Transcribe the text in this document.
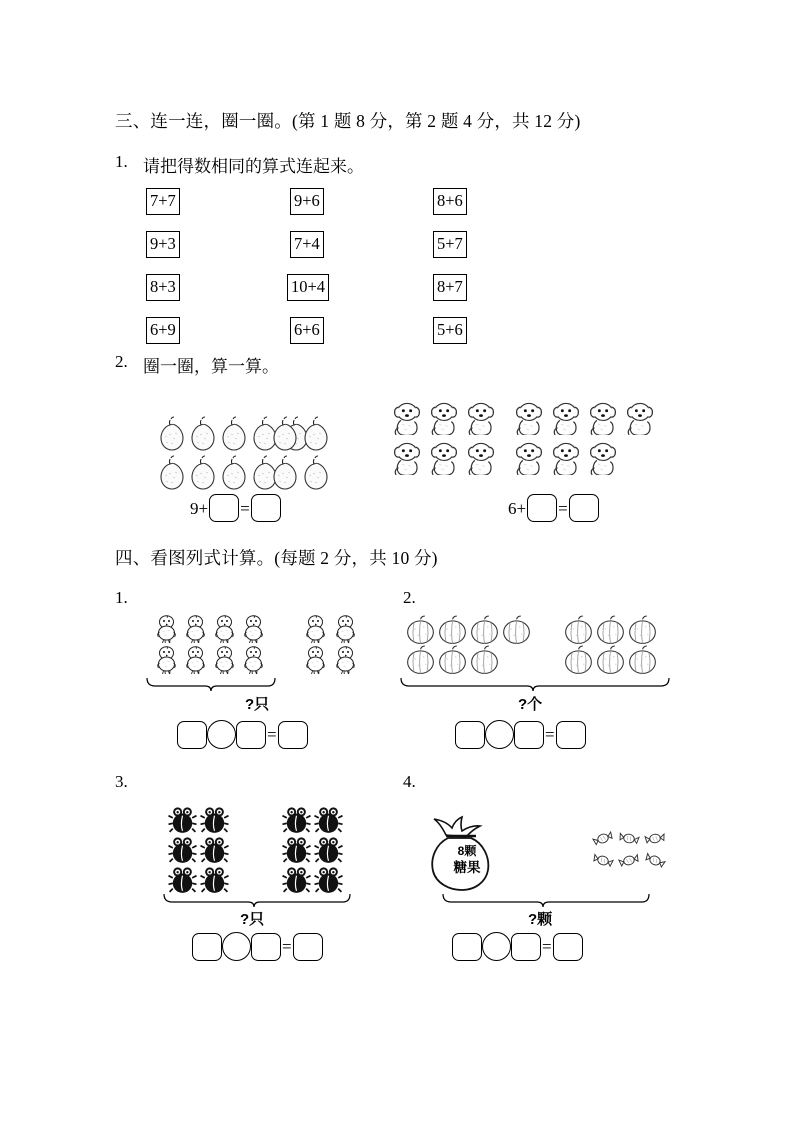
三、连一连，圈一圈。(第 1 题 8 分，第 2 题 4 分，共 12 分)
1. 请把得数相同的算式连起来。
7+7
9+3
8+3
6+9
9+6
7+4
10+4
6+6
8+6
5+7
8+7
5+6
2. 圈一圈，算一算。
9+ =	6+ =
四、看图列式计算。(每题 2 分，共 10 分)
1.
?只
=
2.
?个
=
3.
?只
=
4.
8颗
糖果
?颗
=
